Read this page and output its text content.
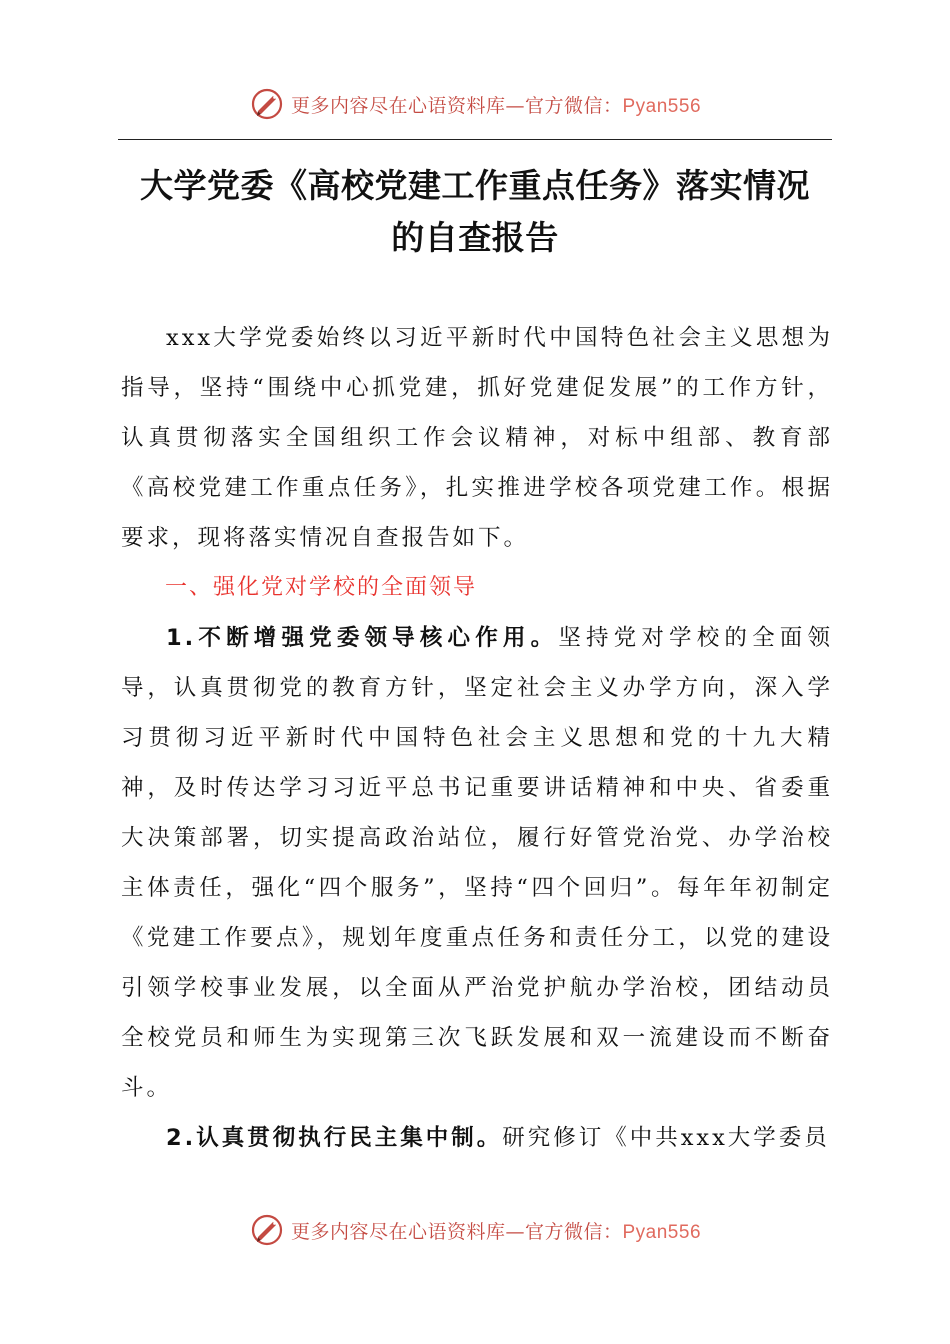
更多内容尽在心语资料库—官方微信：Pyan556
大学党委《高校党建工作重点任务》落实情况
的自查报告

xxx大学党委始终以习近平新时代中国特色社会主义思想为指导，坚持“围绕中心抓党建，抓好党建促发展”的工作方针，认真贯彻落实全国组织工作会议精神，对标中组部、教育部《高校党建工作重点任务》，扎实推进学校各项党建工作。根据要求，现将落实情况自查报告如下。

一、强化党对学校的全面领导

1.不断增强党委领导核心作用。坚持党对学校的全面领导，认真贯彻党的教育方针，坚定社会主义办学方向，深入学习贯彻习近平新时代中国特色社会主义思想和党的十九大精神，及时传达学习习近平总书记重要讲话精神和中央、省委重大决策部署，切实提高政治站位，履行好管党治党、办学治校主体责任，强化“四个服务”，坚持“四个回归”。每年年初制定《党建工作要点》，规划年度重点任务和责任分工，以党的建设引领学校事业发展，以全面从严治党护航办学治校，团结动员全校党员和师生为实现第三次飞跃发展和双一流建设而不断奋斗。

2.认真贯彻执行民主集中制。研究修订《中共xxx大学委员

更多内容尽在心语资料库—官方微信：Pyan556
